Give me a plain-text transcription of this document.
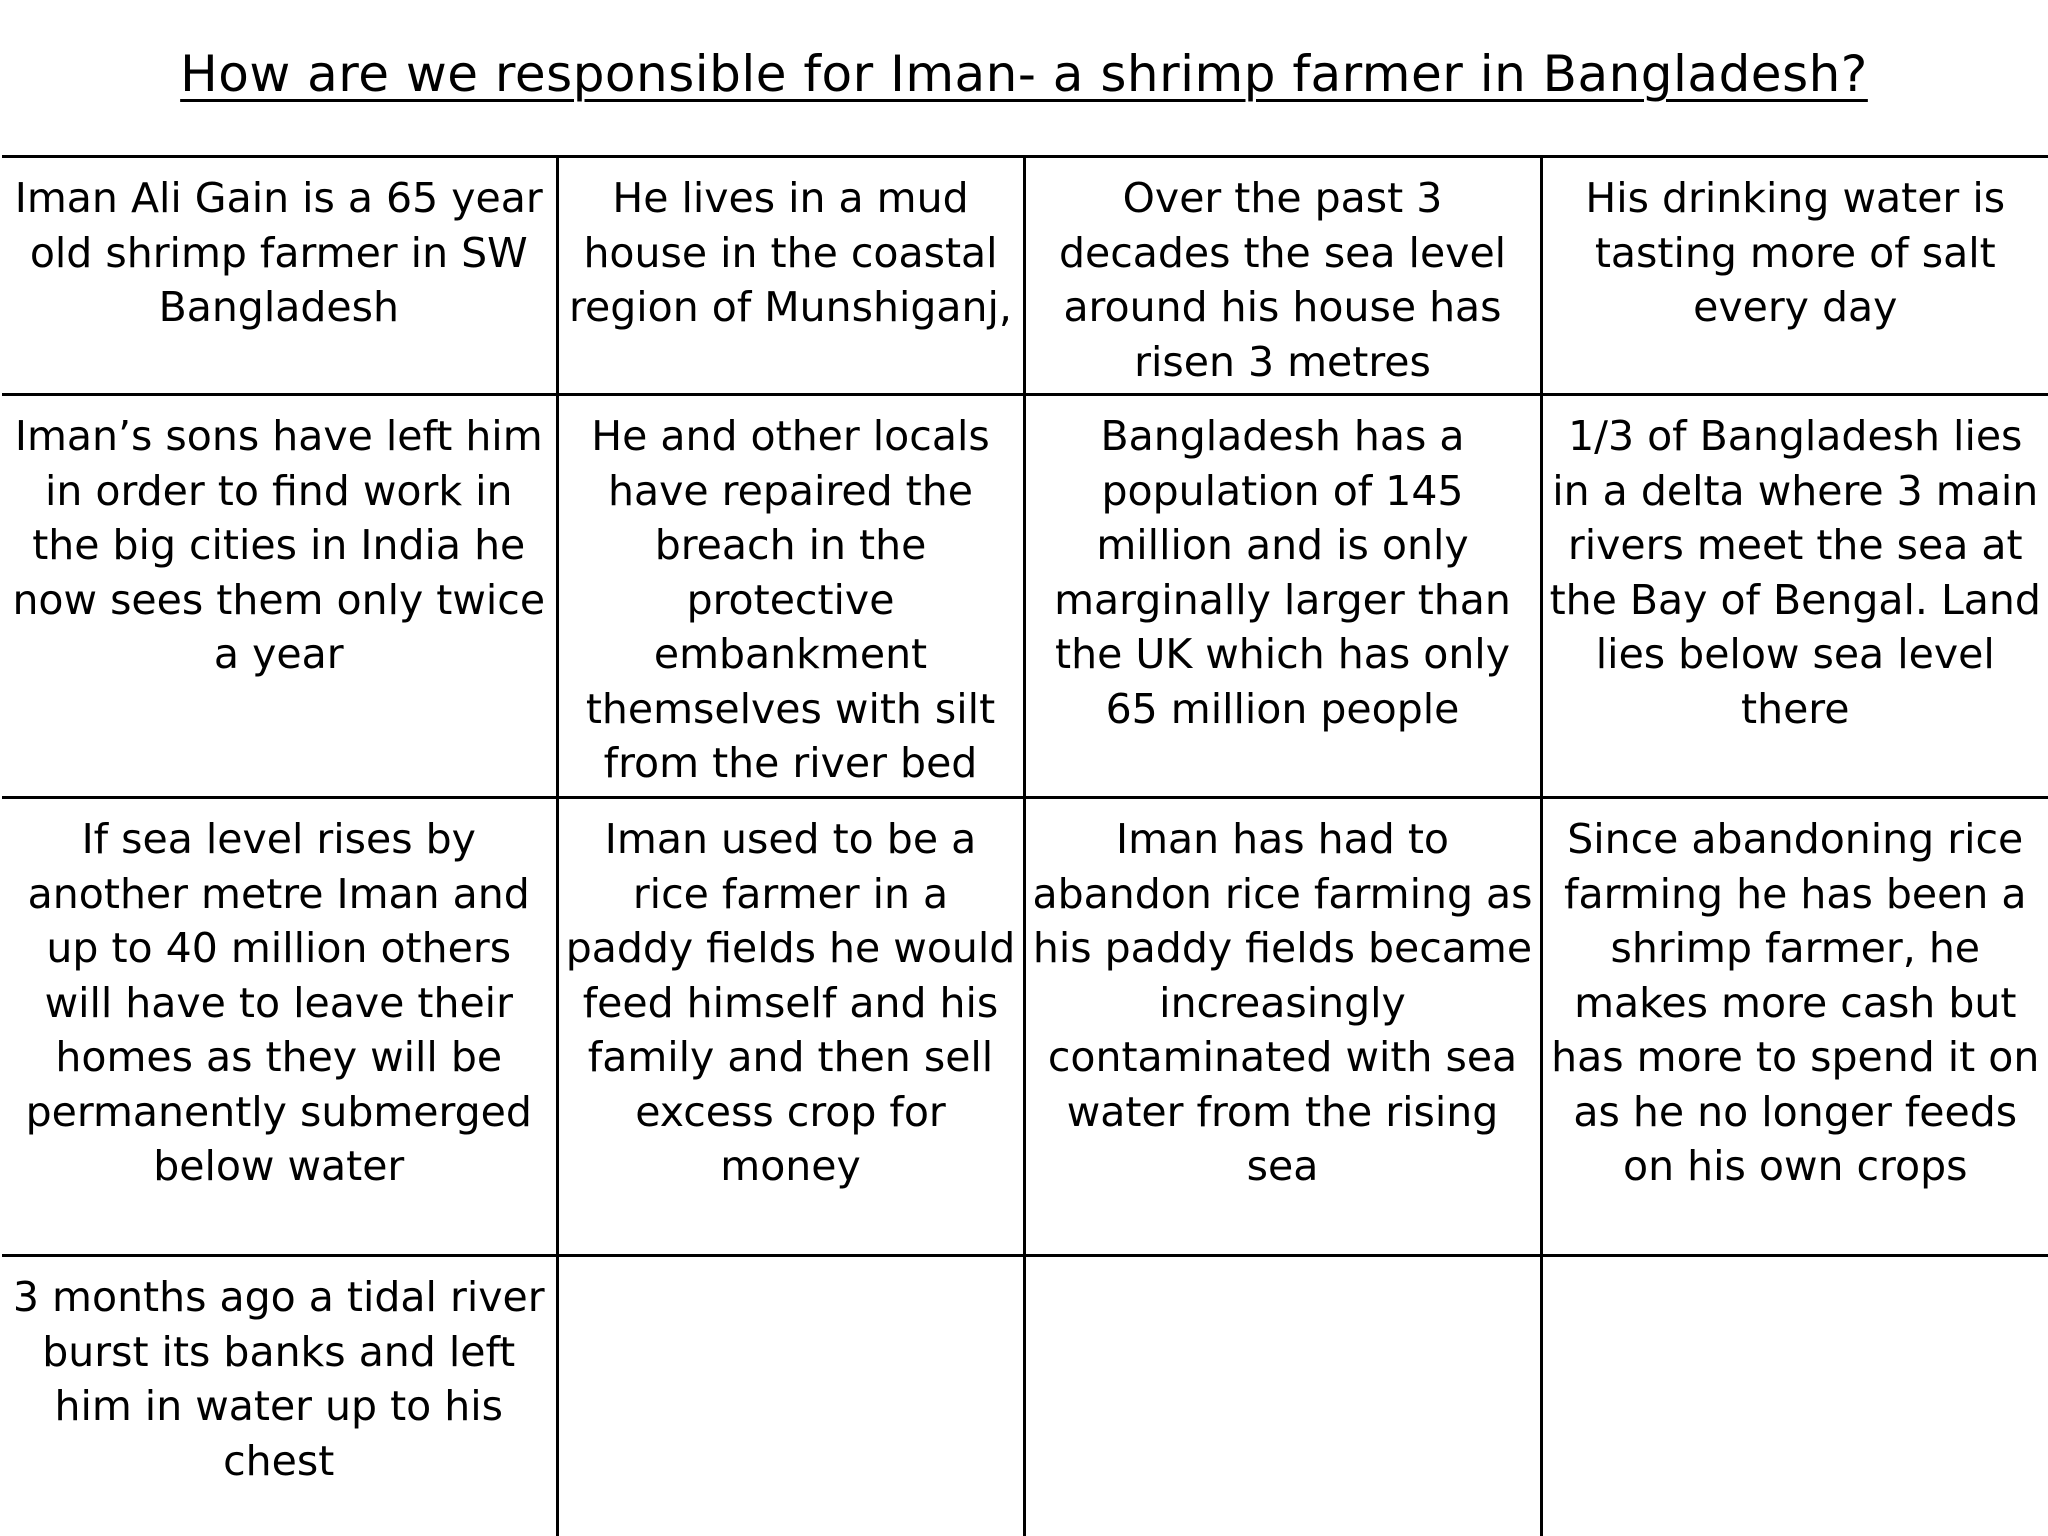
How are we responsible for Iman- a shrimp farmer in Bangladesh?
Iman Ali Gain is a 65 year old shrimp farmer in SW Bangladesh	He lives in a mud house in the coastal region of Munshiganj,	Over the past 3 decades the sea level around his house has risen 3 metres	His drinking water is tasting more of salt every day
Iman’s sons have left him in order to find work in the big cities in India he now sees them only twice a year	He and other locals have repaired the breach in the protective embankment themselves with silt from the river bed	Bangladesh has a population of 145 million and is only marginally larger than the UK which has only 65 million people	1/3 of Bangladesh lies in a delta where 3 main rivers meet the sea at the Bay of Bengal. Land lies below sea level there
If sea level rises by another metre Iman and up to 40 million others will have to leave their homes as they will be permanently submerged below water	Iman used to be a rice farmer in a paddy fields he would feed himself and his family and then sell excess crop for money	Iman has had to abandon rice farming as his paddy fields became increasingly contaminated with sea water from the rising sea	Since abandoning rice farming he has been a shrimp farmer, he makes more cash but has more to spend it on as he no longer feeds on his own crops
3 months ago a tidal river burst its banks and left him in water up to his chest			
